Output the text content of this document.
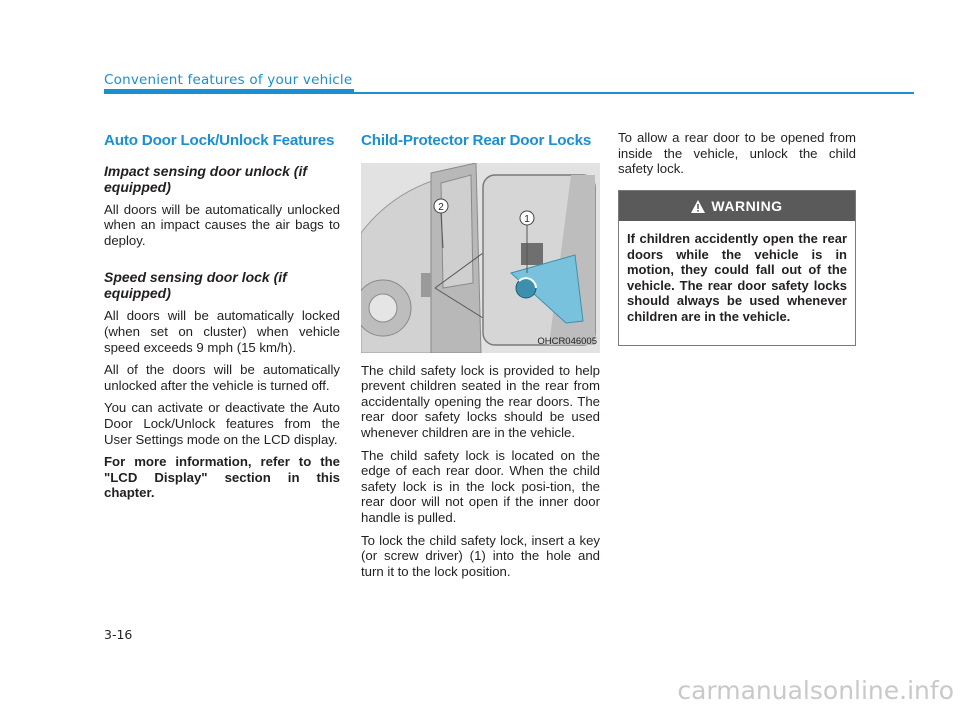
Convenient features of your vehicle
Auto Door Lock/Unlock Features
Impact sensing door unlock (if equipped)

All doors will be automatically unlocked when an impact causes the air bags to deploy.

Speed sensing door lock (if equipped)

All doors will be automatically locked (when set on cluster) when vehicle speed exceeds 9 mph (15 km/h).

All of the doors will be automatically unlocked after the vehicle is turned off.

You can activate or deactivate the Auto Door Lock/Unlock features from the User Settings mode on the LCD display.

For more information, refer to the "LCD Display" section in this chapter.

Child-Protector Rear Door Locks
1
2
OHCR046005

The child safety lock is provided to help prevent children seated in the rear from accidentally opening the rear doors. The rear door safety locks should be used whenever children are in the vehicle.

The child safety lock is located on the edge of each rear door. When the child safety lock is in the lock posi-tion, the rear door will not open if the inner door handle is pulled.

To lock the child safety lock, insert a key (or screw driver) (1) into the hole and turn it to the lock position.

To allow a rear door to be opened from inside the vehicle, unlock the child safety lock.

WARNING
If children accidently open the rear doors while the vehicle is in motion, they could fall out of the vehicle. The rear door safety locks should always be used whenever children are in the vehicle.
3-16
carmanualsonline.info
